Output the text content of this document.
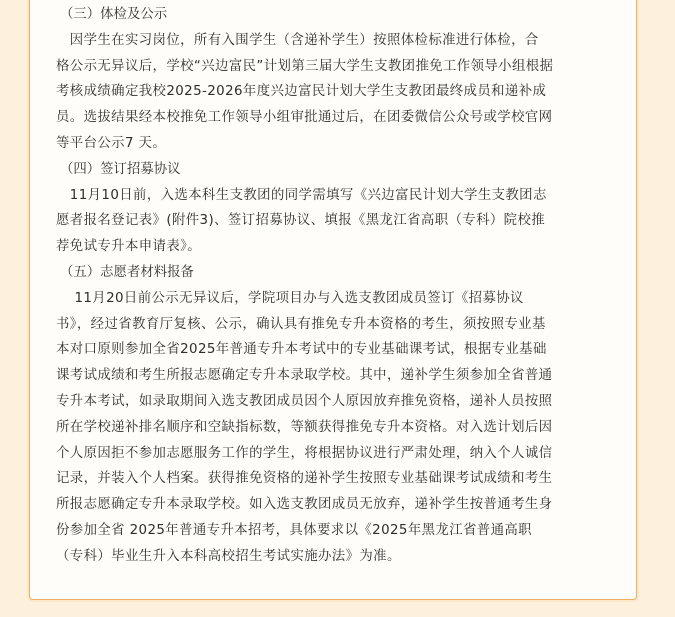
（三）体检及公示

　因学生在实习岗位，所有入围学生（含递补学生）按照体检标准进行体检，合

格公示无异议后，学校“兴边富民”计划第三届大学生支教团推免工作领导小组根据

考核成绩确定我校2025-2026年度兴边富民计划大学生支教团最终成员和递补成

员。选拔结果经本校推免工作领导小组审批通过后，在团委微信公众号或学校官网

等平台公示7 天。

（四）签订招募协议

　11月10日前，入选本科生支教团的同学需填写《兴边富民计划大学生支教团志

愿者报名登记表》(附件3)、签订招募协议、填报《黑龙江省高职（专科）院校推

荐免试专升本申请表》。

（五）志愿者材料报备

　 11月20日前公示无异议后，学院项目办与入选支教团成员签订《招募协议

书》，经过省教育厅复核、公示，确认具有推免专升本资格的考生，须按照专业基

本对口原则参加全省2025年普通专升本考试中的专业基础课考试，根据专业基础

课考试成绩和考生所报志愿确定专升本录取学校。其中，递补学生须参加全省普通

专升本考试，如录取期间入选支教团成员因个人原因放弃推免资格，递补人员按照

所在学校递补排名顺序和空缺指标数，等额获得推免专升本资格。对入选计划后因

个人原因拒不参加志愿服务工作的学生，将根据协议进行严肃处理，纳入个人诚信

记录，并装入个人档案。获得推免资格的递补学生按照专业基础课考试成绩和考生

所报志愿确定专升本录取学校。如入选支教团成员无放弃，递补学生按普通考生身

份参加全省 2025年普通专升本招考，具体要求以《2025年黑龙江省普通高职

（专科）毕业生升入本科高校招生考试实施办法》为准。
